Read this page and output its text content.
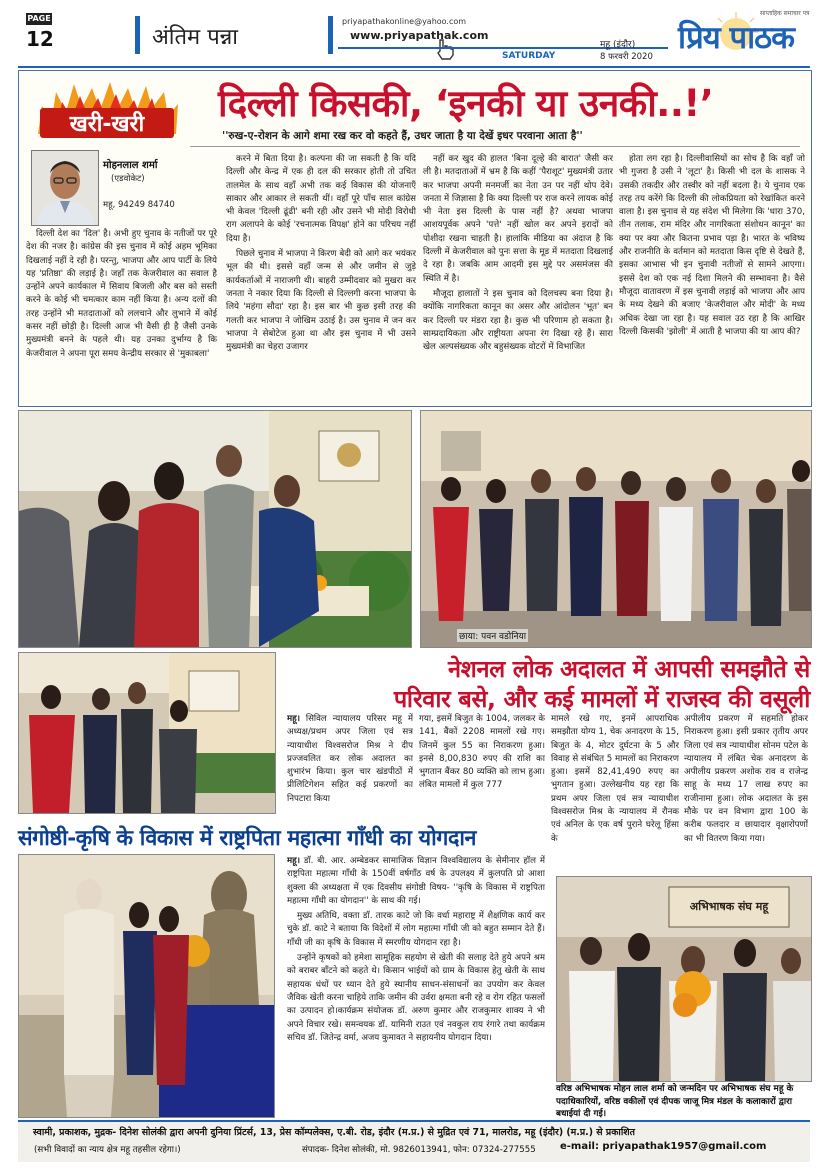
PAGE
12	अंतिम पन्ना
priyapathakonline@yahoo.com
www.priyapathak.com
SATURDAY
महू (इंदौर)
8 फरवरी 2020
साप्ताहिक समाचार पत्र
प्रिय पाठक
खरी-खरी	दिल्ली किसकी, ‘इनकी या उनकी..!’
''रुख-ए-रोशन के आगे शमा रख कर वो कहते हैं, उधर जाता है या देखें इधर परवाना आता है''
मोहनलाल शर्मा
(एडवोकेट)
महू, 94249 84740

दिल्ली देश का 'दिल' है। अभी हुए चुनाव के नतीजों पर पूरे देश की नजर है। कांग्रेस की इस चुनाव में कोई अहम भूमिका दिखलाई नहीं दे रही है। परन्तु, भाजपा और आप पार्टी के लिये यह 'प्रतिष्ठा' की लड़ाई है। जहाँ तक केजरीवाल का सवाल है उन्होंने अपने कार्यकाल में सिवाय बिजली और बस को सस्ती करने के कोई भी चमत्कार काम नहीं किया है। अन्य दलों की तरह उन्होंने भी मतदाताओं को ललचाने और लुभाने में कोई कसर नहीं छोड़ी है। दिल्ली आज भी वैसी ही है जैसी उनके मुख्यमंत्री बनने के पहले थी। यह उनका दुर्भाग्य है कि केजरीवाल ने अपना पूरा समय केन्द्रीय सरकार से 'मुकाबला'

करने में बिता दिया है। कल्पना की जा सकती है कि यदि दिल्ली और केन्द्र में एक ही दल की सरकार होती तो उचित तालमेल के साथ वहाँ अभी तक कई विकास की योजनाएँ साकार और आकार ले सकती थीं। वहाँ पूरे पाँच साल कांग्रेस भी केवल 'दिल्ली ढूंढी' बनी रही और उसने भी मोदी विरोधी राग अलापने के कोई 'रचनात्मक विपक्ष' होने का परिचय नहीं दिया है।

पिछले चुनाव में भाजपा ने किरण बेदी को आगे कर भयंकर भूल की थी। इससे वहाँ जन्म से और जमीन से जुड़े कार्यकर्ताओं में नाराजगी थी। बाहरी उम्मीदवार को मुखरा कर जनता ने नकार दिया कि दिल्ली से दिल्लगी करना भाजपा के लिये 'महंगा सौदा' रहा है। इस बार भी कुछ इसी तरह की गलती कर भाजपा ने जोखिम उठाई है। उस चुनाव में जन कर भाजपा ने सेबोटेज हुआ था और इस चुनाव में भी उसने मुख्यमंत्री का चेहरा उजागर

नहीं कर खुद की हालत 'बिना दूल्हे की बारात' जैसी कर ली है। मतदाताओं में भ्रम है कि कहीं 'पैराशूट' मुख्यमंत्री उतार कर भाजपा अपनी मनमर्जी का नेता उन पर नहीं थोप देवे। जनता में जिज्ञासा है कि क्या दिल्ली पर राज करने लायक कोई भी नेता इस दिल्ली के पास नहीं है? अथवा भाजपा आशयपूर्वक अपने 'पत्ते' नहीं खोल कर अपने इरादों को पोशीदा रखना चाहती है। हालांकि मीडिया का अंदाज है कि दिल्ली में केजरीवाल को पुनः सत्ता के मूड में मतदाता दिखलाई दे रहा है। जबकि आम आदमी इस मुद्दे पर असमंजस की स्थिति में है।

मौजूदा हालातों ने इस चुनाव को दिलचस्प बना दिया है। क्योंकि नागरिकता कानून का असर और आंदोलन 'भूत' बन कर दिल्ली पर मंडरा रहा है। कुछ भी परिणाम हो सकता है। साम्प्रदायिकता और राष्ट्रीयता अपना रंग दिखा रहे हैं। सारा खेल अल्पसंख्यक और बहुसंख्यक वोटरों में विभाजित

होता लग रहा है। दिल्लीवासियों का सोच है कि वहाँ जो भी गुजरा है उसी ने 'लूटा' है। किसी भी दल के शासक ने उसकी तकदीर और तस्वीर को नहीं बदला है। ये चुनाव एक तरह तय करेंगे कि दिल्ली की लोकप्रियता को रेखांकित करने वाला है। इस चुनाव से यह संदेश भी मिलेगा कि 'धारा 370, तीन तलाक, राम मंदिर और नागरिकता संशोधन कानून' का क्या पर क्या और कितना प्रभाव पड़ा है। भारत के भविष्य और राजनीति के वर्तमान को मतदाता किस दृष्टि से देखते हैं, इसका आभास भी इन चुनावी नतीजों से सामने आएगा। इससे देश को एक नई दिशा मिलने की सम्भावना है। वैसे मौजूदा वातावरण में इस चुनावी लड़ाई को भाजपा और आप के मध्य देखने की बजाए 'केजरीवाल और मोदी' के मध्य अधिक देखा जा रहा है। यह सवाल उठ रहा है कि आखिर दिल्ली किसकी 'झोली' में आती है भाजपा की या आप की?

छाया: पवन वडोनिया
नेशनल लोक अदालत में आपसी समझौते से
परिवार बसे, और कई मामलों में राजस्व की वसूली

महू। सिविल न्यायालय परिसर महू में अध्यक्ष/प्रथम अपर जिला एवं सत्र न्यायाधीश विश्वसरोज मिश्र ने दीप प्रज्जवलित कर लोक अदालत का शुभारंभ किया। कुल चार खंडपीठों में प्रीलिटिगेशन सहित कई प्रकरणों का निपटारा किया

गया, इसमें बिजुत के 1004, जलकर के 141, बैंकों 2208 मामलों रखे गए। जिनमें कुल 55 का निराकरण हुआ। इनसे 8,00,830 रुपए की राशि का भुगतान बैंकर 80 व्यक्ति को लाभ हुआ। लंबित मामलों में कुल 777

मामले रखे गए, इनमें आपराधिक समझौता योग्य 1, चेक अनादरण के 15, बिजुत के 4, मोटर दुर्घटना के 5 और विवाह से संबंधित 5 मामलों का निराकरण हुआ। इसमें 82,41,490 रुपए का भुगतान हुआ। उल्लेखनीय यह रहा कि प्रथम अपर जिला एवं सत्र न्यायाधीश विश्वसरोज मिश्र के न्यायालय में रौनक एवं अनिल के एक वर्ष पुराने घरेलू हिंसा के

अपीलीय प्रकरण में सहमति होकर निराकरण हुआ। इसी प्रकार तृतीय अपर जिला एवं सत्र न्यायाधीश सोनम पटेल के न्यायालय में लंबित चेक अनादरण के अपीलीय प्रकरण अशोक राव व राजेन्द्र साहू के मध्य 17 लाख रुपए का राजीनामा हुआ। लोक अदालत के इस मौके पर वन विभाग द्वारा 100 के करीब फलदार व छायादार वृक्षारोपणों का भी वितरण किया गया।

संगोष्ठी-कृषि के विकास में राष्ट्रपिता महात्मा गाँधी का योगदान

महू। डॉ. बी. आर. अम्बेडकर सामाजिक विज्ञान विश्वविद्यालय के सेमीनार हॉल में राष्ट्रपिता महात्मा गाँधी के 150वीं वर्षगाँठ वर्ष के उपलक्ष्य में कुलपति प्रो आशा शुक्ला की अध्यक्षता में एक दिवसीय संगोष्ठी विषय- ''कृषि के विकास में राष्ट्रपिता महात्मा गाँधी का योगदान'' के साथ की गई।

मुख्य अतिथि, वक्ता डॉ. तारक काटे जो कि वर्धा महाराष्ट्र में शैक्षणिक कार्य कर चुके डॉ. काटे ने बताया कि विदेशों में लोग महात्मा गाँधी जी को बहुत सम्मान देते हैं। गाँधी जी का कृषि के विकास में स्मरणीय योगदान रहा है।

उन्होंने कृषकों को हमेशा सामूहिक सहयोग से खेती की सलाह देते हुये अपने श्रम को बराबर बाँटने को कहते थे। किसान भाईयों को ग्राम के विकास हेतु खेती के साथ सहायक धंधों पर ध्यान देते हुये स्थानीय साधन-संसाधनों का उपयोग कर केवल जैविक खेती करना चाहिये ताकि जमीन की उर्वरा क्षमता बनी रहे व रोग रहित फसलों का उत्पादन हो।कार्यक्रम संयोजक डॉ. अरुण कुमार और राजकुमार शाक्य ने भी अपने विचार रखे। समन्वयक डॉ. यामिनी राउत एवं नवकुल राय रंगारे तथा कार्यक्रम सचिव डॉ. जितेन्द्र वर्मा, अजय कुमावत ने सहायनीय योगदान दिया।

अभिभाषक संघ महू
वरिष्ठ अभिभाषक मोहन लाल शर्मा को जन्मदिन पर अभिभाषक संघ महू के पदाधिकारियों, वरिष्ठ वकीलों एवं दीपक जाजू मित्र मंडल के कलाकारों द्वारा बधाईयां दी गई।
स्वामी, प्रकाशक, मुद्रक- दिनेश सोलंकी द्वारा अपनी दुनिया प्रिंटर्स, 13, प्रेस कॉम्पलेक्स, ए.बी. रोड, इंदौर (म.प्र.) से मुद्रित एवं 71, मालरोड, महू (इंदौर) (म.प्र.) से प्रकाशित
(सभी विवादों का न्याय क्षेत्र महू तहसील रहेगा।)	संपादक- दिनेश सोलंकी, मो. 9826013941, फोन: 07324-277555 e-mail: priyapathak1957@gmail.com
